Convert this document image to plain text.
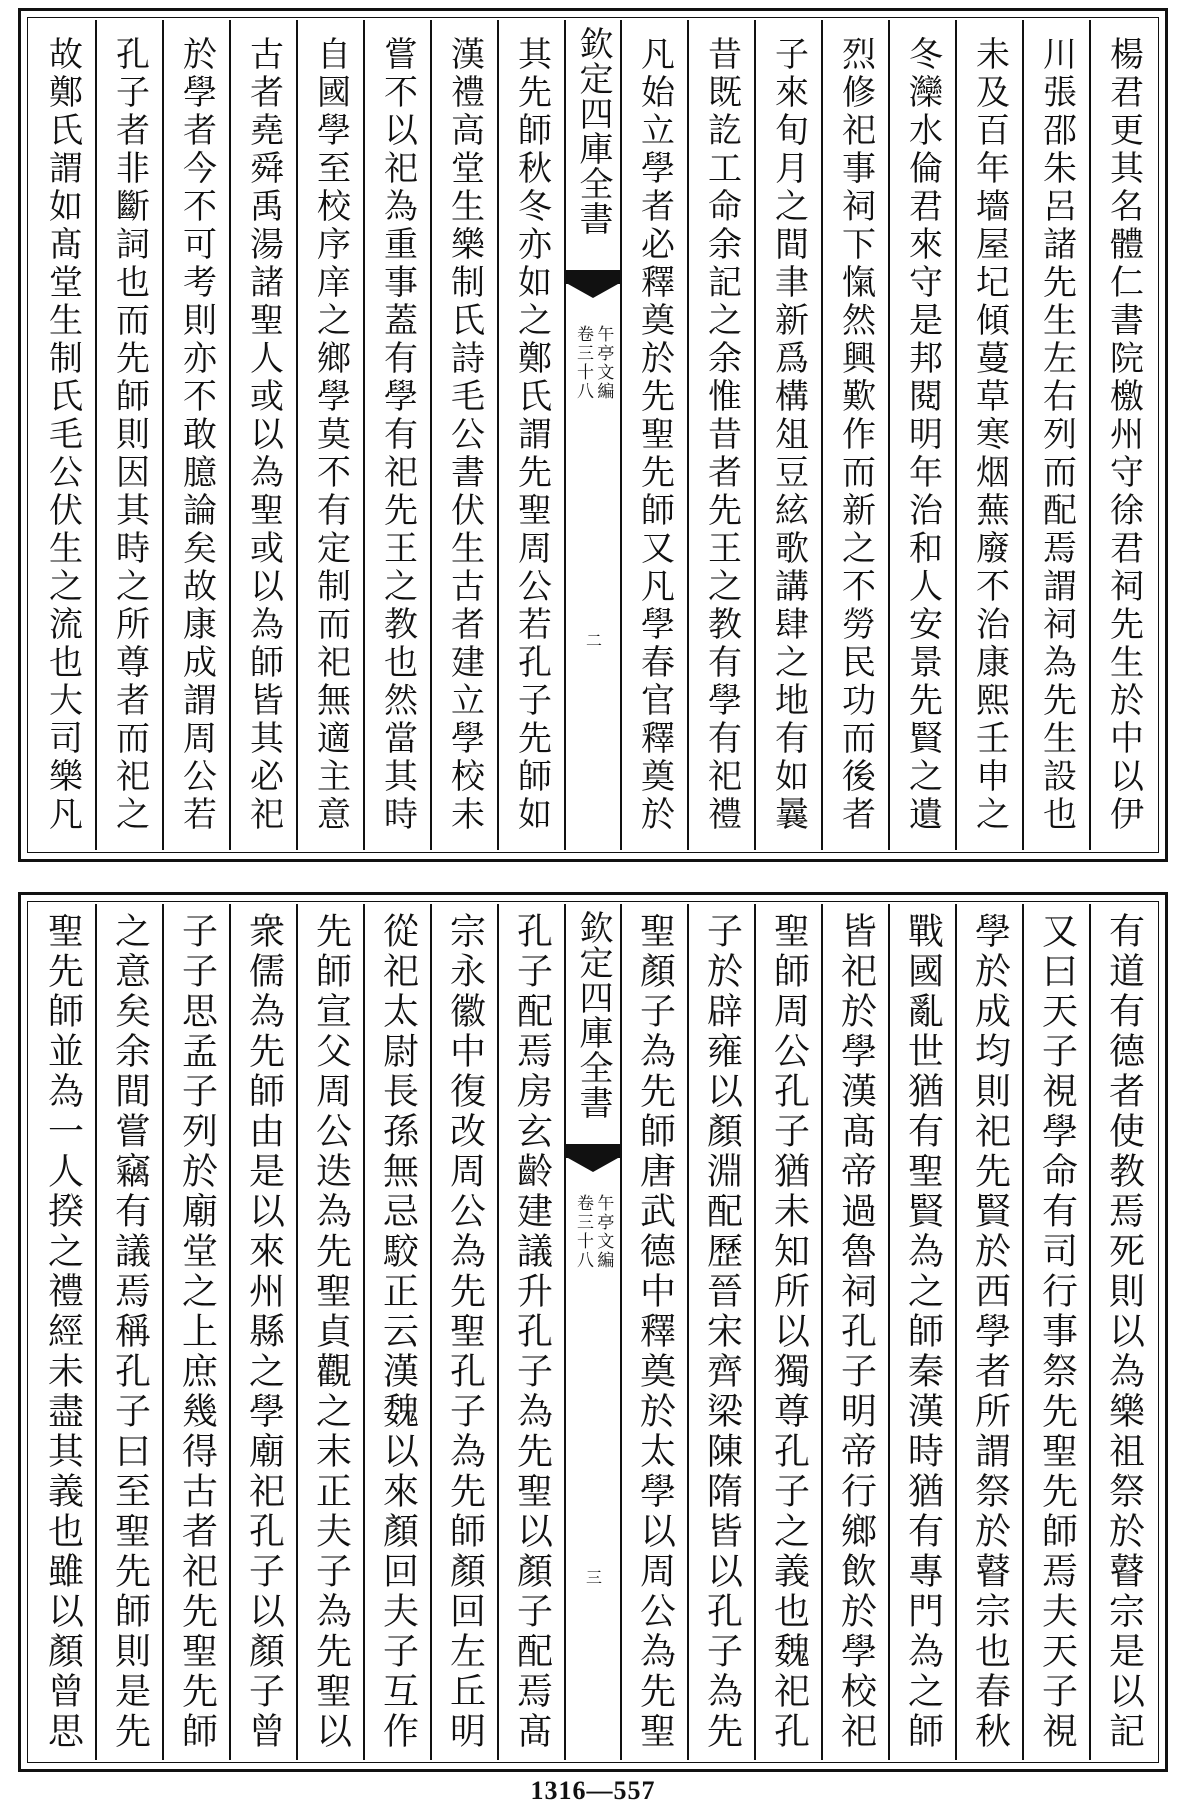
楊君更其名體仁書院檄州守徐君祠先生於中以伊
川張邵朱呂諸先生左右列而配焉謂祠為先生設也
未及百年墻屋圮傾蔓草寒烟蕪廢不治康熙壬申之
冬灤水倫君來守是邦閱明年治和人安景先賢之遺
烈修祀事祠下愾然興歎作而新之不勞民功而後者
子來旬月之間聿新爲構俎豆絃歌講肆之地有如曩
昔既訖工命余記之余惟昔者先王之教有學有祀禮
凡始立學者必釋奠於先聖先師又凡學春官釋奠於
欽定四庫全書
午亭文編
卷三十八
二
其先師秋冬亦如之鄭氏謂先聖周公若孔子先師如
漢禮高堂生樂制氏詩毛公書伏生古者建立學校未
嘗不以祀為重事蓋有學有祀先王之教也然當其時
自國學至校序庠之鄉學莫不有定制而祀無適主意
古者堯舜禹湯諸聖人或以為聖或以為師皆其必祀
於學者今不可考則亦不敢臆論矣故康成謂周公若
孔子者非斷詞也而先師則因其時之所尊者而祀之
故鄭氏謂如髙堂生制氏毛公伏生之流也大司樂凡
有道有德者使教焉死則以為樂祖祭於瞽宗是以記
又曰天子視學命有司行事祭先聖先師焉夫天子視
學於成均則祀先賢於西學者所謂祭於瞽宗也春秋
戰國亂世猶有聖賢為之師秦漢時猶有專門為之師
皆祀於學漢髙帝過魯祠孔子明帝行鄉飲於學校祀
聖師周公孔子猶未知所以獨尊孔子之義也魏祀孔
子於辟雍以顏淵配歷晉宋齊梁陳隋皆以孔子為先
聖顏子為先師唐武德中釋奠於太學以周公為先聖
欽定四庫全書
午亭文編
卷三十八
三
孔子配焉房玄齡建議升孔子為先聖以顏子配焉髙
宗永徽中復改周公為先聖孔子為先師顏回左丘明
從祀太尉長孫無忌駮正云漢魏以來顏回夫子互作
先師宣父周公迭為先聖貞觀之末正夫子為先聖以
衆儒為先師由是以來州縣之學廟祀孔子以顏子曾
子子思孟子列於廟堂之上庶幾得古者祀先聖先師
之意矣余間嘗竊有議焉稱孔子曰至聖先師則是先
聖先師並為一人揆之禮經未盡其義也雖以顏曾思
1316—557
